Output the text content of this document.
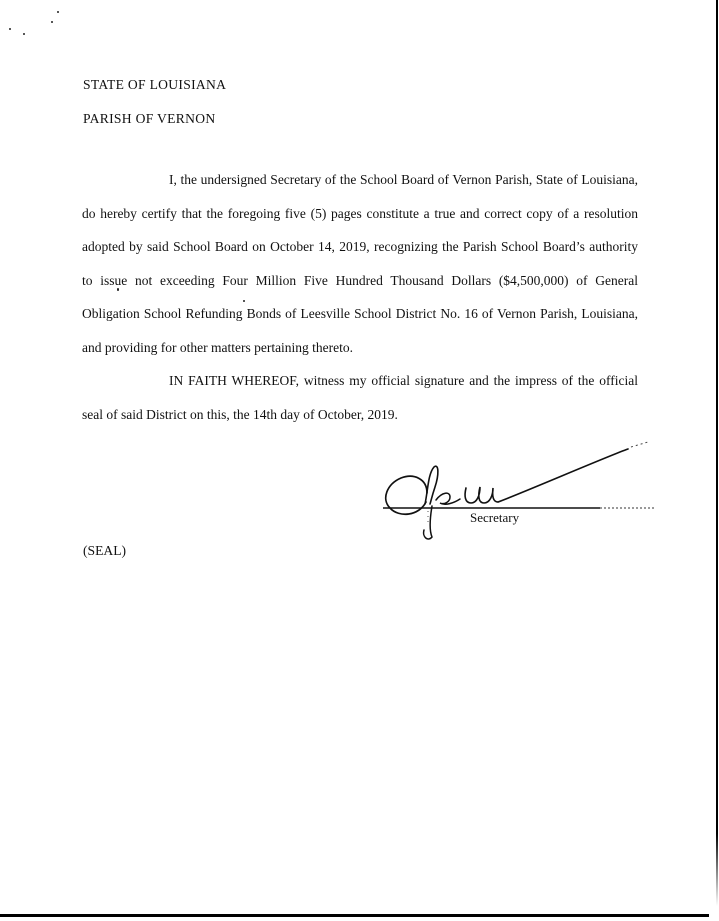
STATE OF LOUISIANA
PARISH OF VERNON

I, the undersigned Secretary of the School Board of Vernon Parish, State of Louisiana, do hereby certify that the foregoing five (5) pages constitute a true and correct copy of a resolution adopted by said School Board on October 14, 2019, recognizing the Parish School Board’s authority to issue not exceeding Four Million Five Hundred Thousand Dollars ($4,500,000) of General Obligation School Refunding Bonds of Leesville School District No. 16 of Vernon Parish, Louisiana, and providing for other matters pertaining thereto.

IN FAITH WHEREOF, witness my official signature and the impress of the official seal of said District on this, the 14th day of October, 2019.

Secretary
(SEAL)
